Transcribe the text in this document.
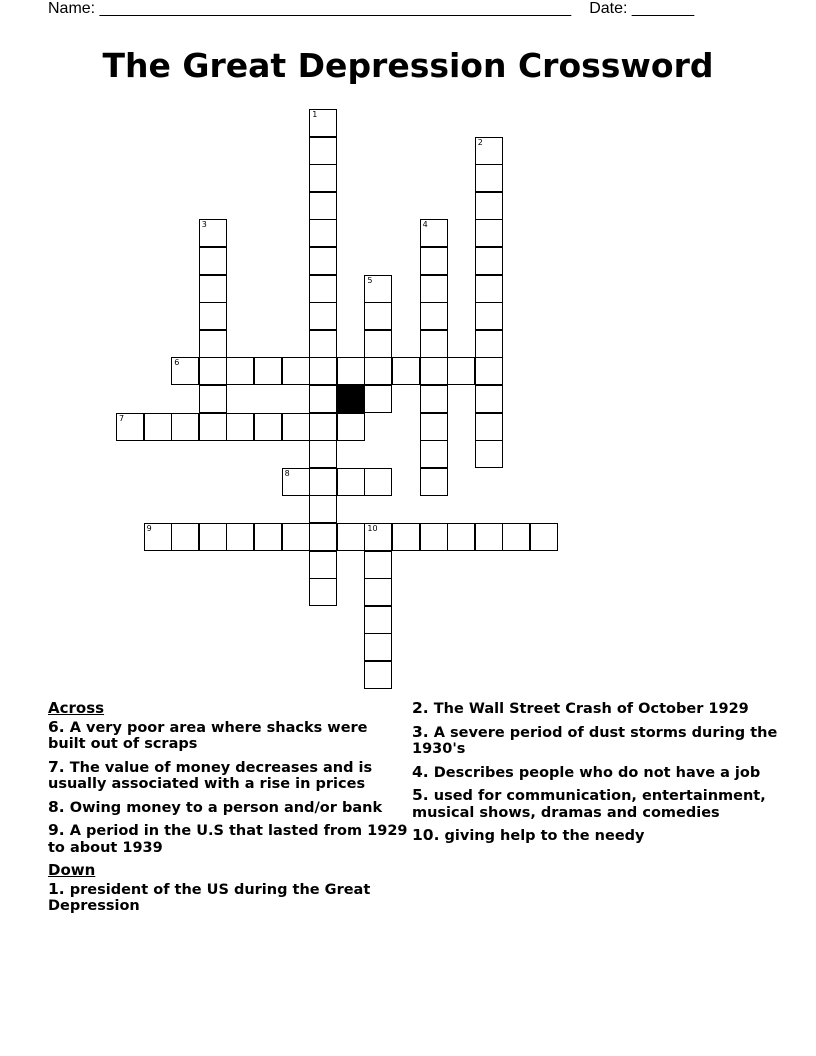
Name: _____________________________________________________ Date: _______
The Great Depression Crossword
1
2
3	4
5
6
7
8
9	10
Across
6. A very poor area where shacks were built out of scraps
7. The value of money decreases and is usually associated with a rise in prices
8. Owing money to a person and/or bank
9. A period in the U.S that lasted from 1929 to about 1939
Down
1. president of the US during the Great Depression
2. The Wall Street Crash of October 1929
3. A severe period of dust storms during the 1930's
4. Describes people who do not have a job
5. used for communication, entertainment, musical shows, dramas and comedies
10. giving help to the needy
